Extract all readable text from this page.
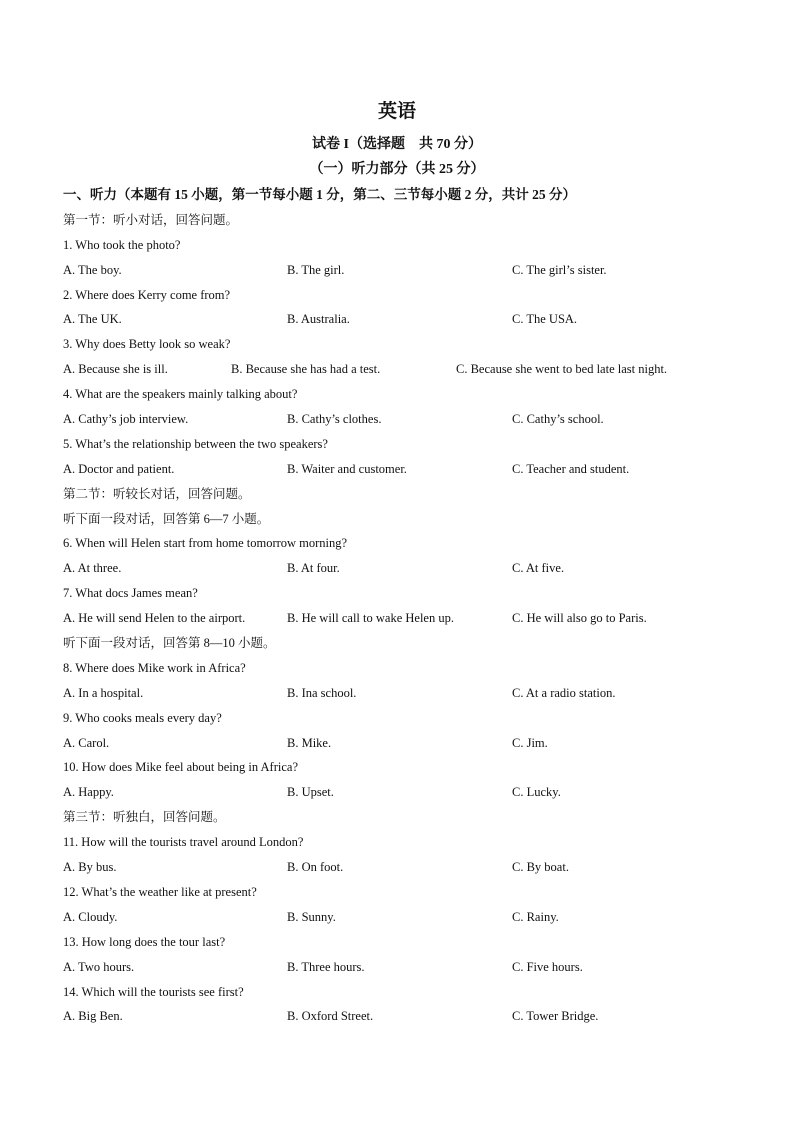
英语
试卷 I（选择题　共 70 分）
（一）听力部分（共 25 分）
一、听力（本题有 15 小题，第一节每小题 1 分，第二、三节每小题 2 分，共计 25 分）
第一节：听小对话，回答问题。
1. Who took the photo?
A. The boy.	B. The girl.	C. The girl’s sister.
2. Where does Kerry come from?
A. The UK.	B. Australia.	C. The USA.
3. Why does Betty look so weak?
A. Because she is ill.	B. Because she has had a test.	C. Because she went to bed late last night.
4. What are the speakers mainly talking about?
A. Cathy’s job interview.	B. Cathy’s clothes.	C. Cathy’s school.
5. What’s the relationship between the two speakers?
A. Doctor and patient.	B. Waiter and customer.	C. Teacher and student.
第二节：听较长对话，回答问题。
听下面一段对话，回答第 6—7 小题。
6. When will Helen start from home tomorrow morning?
A. At three.	B. At four.	C. At five.
7. What docs James mean?
A. He will send Helen to the airport.	B. He will call to wake Helen up.	C. He will also go to Paris.
听下面一段对话，回答第 8—10 小题。
8. Where does Mike work in Africa?
A. In a hospital.	B. Ina school.	C. At a radio station.
9. Who cooks meals every day?
A. Carol.	B. Mike.	C. Jim.
10. How does Mike feel about being in Africa?
A. Happy.	B. Upset.	C. Lucky.
第三节：听独白，回答问题。
11. How will the tourists travel around London?
A. By bus.	B. On foot.	C. By boat.
12. What’s the weather like at present?
A. Cloudy.	B. Sunny.	C. Rainy.
13. How long does the tour last?
A. Two hours.	B. Three hours.	C. Five hours.
14. Which will the tourists see first?
A. Big Ben.	B. Oxford Street.	C. Tower Bridge.
